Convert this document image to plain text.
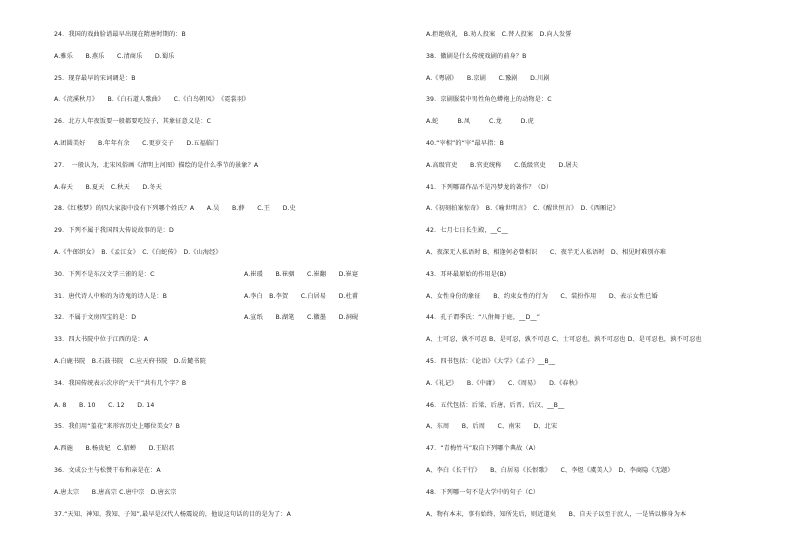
24．我国的戏曲脸谱最早出现在隋唐时期的：B
A.雅乐　　B.燕乐　　C.清商乐　　D.蜀乐
25．现存最早的宋词调是：B
A.《浣溪秋月》　　B.《白石道人歌曲》　　C.《白鸟朝凤》　《霓裳羽》
26．北方人年夜饭要一般都要吃饺子，其象征意义是：C
A.团圆美好　　B.年年有余　　C.更岁交子　　D.五福临门
27．　一般认为，北宋风俗画《清明上河图》描绘的是什么季节的景象？A
A.春天　　B.夏天　C.秋天　　D.冬天
28.《红楼梦》的四大家族中没有下列哪个姓氏？A　　A.吴　　B.薛　　C.王　　D.史
29．下列不属于我国四大传说故事的是：D
A.《牛郎织女》　B.《孟江女》　C.《白蛇传》　D.《山海经》
30．下列不是东汉文学三雀的是：C	A.崔瑗　　B.崔骃　　C.崔翻　　D.崔寔
31．唐代诗人中称的为诗鬼的诗人是：B	A.李白　B.李贺　　C.白居易　　D.杜甫
32．不属于文房四宝的是：D	A.宣纸　　B.湖笔　　C.徽墨　　D.洞砚
33．四大书院中位于江西的是：A
A.白鹿书院　B.石鼓书院　C.应天府书院　D.岳麓书院
34．我国传统表示次序的“天干”共有几个字？B
A. 8　　B. 10　　C. 12　　D. 14
35．我们用“羞花”来形容历史上哪位美女？B
A.西施　　B.杨贵妃　C.貂蝉　　D.王昭君
36．文成公主与松赞干布和亲是在：A
A.唐太宗　　B.唐高宗 C.唐中宗　D.唐玄宗
37.“天知、神知、我知、子知”,最早是汉代人杨震说的，他说这句话的目的是为了：A
A.拒绝收礼　B.劝人投案　C.替人投案　D.向人发誓
38．徽剧是什么传统戏剧的前身？B
A.《粤剧》　　B.京剧　　C.豫剧　　D.川剧
39．京剧服装中男性角色蟒袍上的动物是：C
A.蛇　　　B.凤　　　C.龙　　　D.虎
40.“宰相”的“宰”最早指：B
A.高级官吏　　B.官吏统称　　C.低级官吏　　D.屠夫
41．下列哪部作品不是冯梦龙的著作？（D）
A.《初刻拍案惊奇》　B.《喻世明言》　C.《醒世恒言》　D.《西厢记》
42．七月七日长生殿，__C__
A、夜深无人私语时 B、相逢何必曾相识　　C、夜半无人私语时　D、相见时难别亦难
43．耳环最原始的作用是(B)
A、女性身份的象征　　B、约束女性的行为　　C、装扮作用　　D、表示女性已婚
44．孔子谓季氏：“八佾舞于庭，__D__”
A、士可忍，孰不可忍 B、是可忍，孰不可忍 C、士可忍也，孰不可忍也 D、是可忍也，孰不可忍也
45．四书包括：《论语》《大学》《孟子》__B__
A.《礼记》　　B.《中庸》　　C.《周易》　　D.《春秋》
46．五代包括：后梁、后唐、后晋、后汉、__B__
A、东周　　B、后周　　C、南宋　　D、北宋
47．“青梅竹马”取自下列哪个典故（A）
A、李白《长干行》　　B、白居易《长恨歌》　　C、李煜《虞美人》　D、李商隐《无题》
48．下列哪一句不是大学中的句子（C）
A、物有本末，事有始终，知所先后，则近道矣　　B、自天子以至于庶人，一是皆以修身为本
